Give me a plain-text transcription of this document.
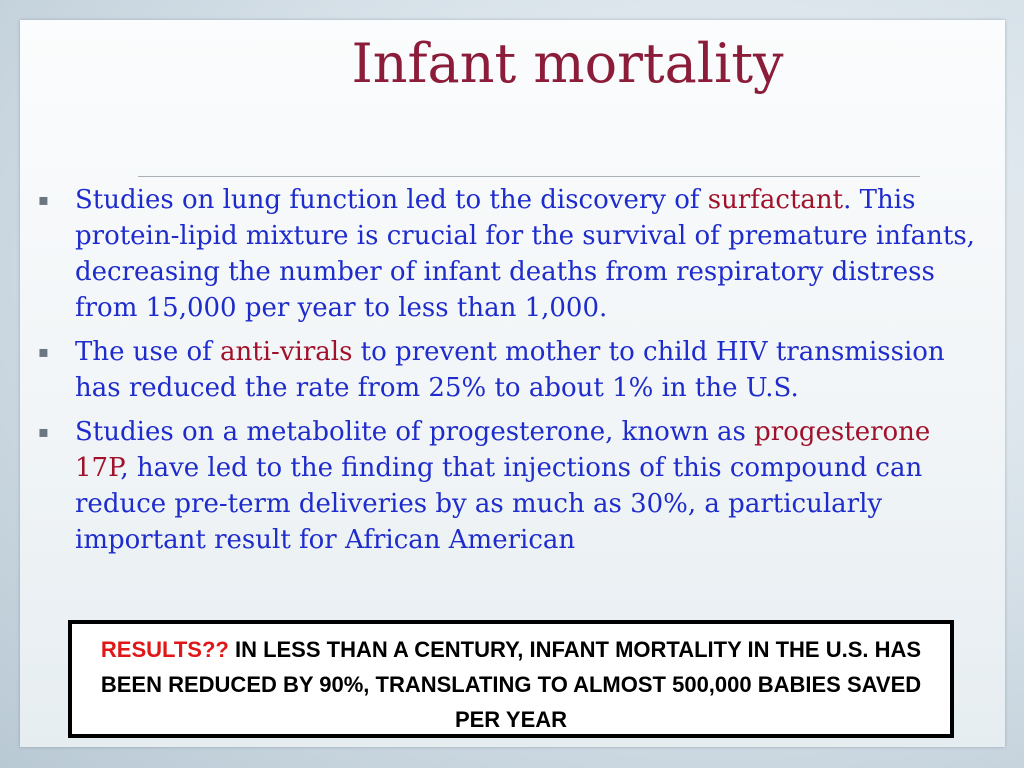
Infant mortality
▪ Studies on lung function led to the discovery of surfactant. This protein-lipid mixture is crucial for the survival of premature infants, decreasing the number of infant deaths from respiratory distress from 15,000 per year to less than 1,000.
▪ The use of anti-virals to prevent mother to child HIV transmission has reduced the rate from 25% to about 1% in the U.S.
▪ Studies on a metabolite of progesterone, known as progesterone 17P, have led to the finding that injections of this compound can reduce pre-term deliveries by as much as 30%, a particularly important result for African American
RESULTS?? IN LESS THAN A CENTURY, INFANT MORTALITY IN THE U.S. HAS BEEN REDUCED BY 90%, TRANSLATING TO ALMOST 500,000 BABIES SAVED PER YEAR
